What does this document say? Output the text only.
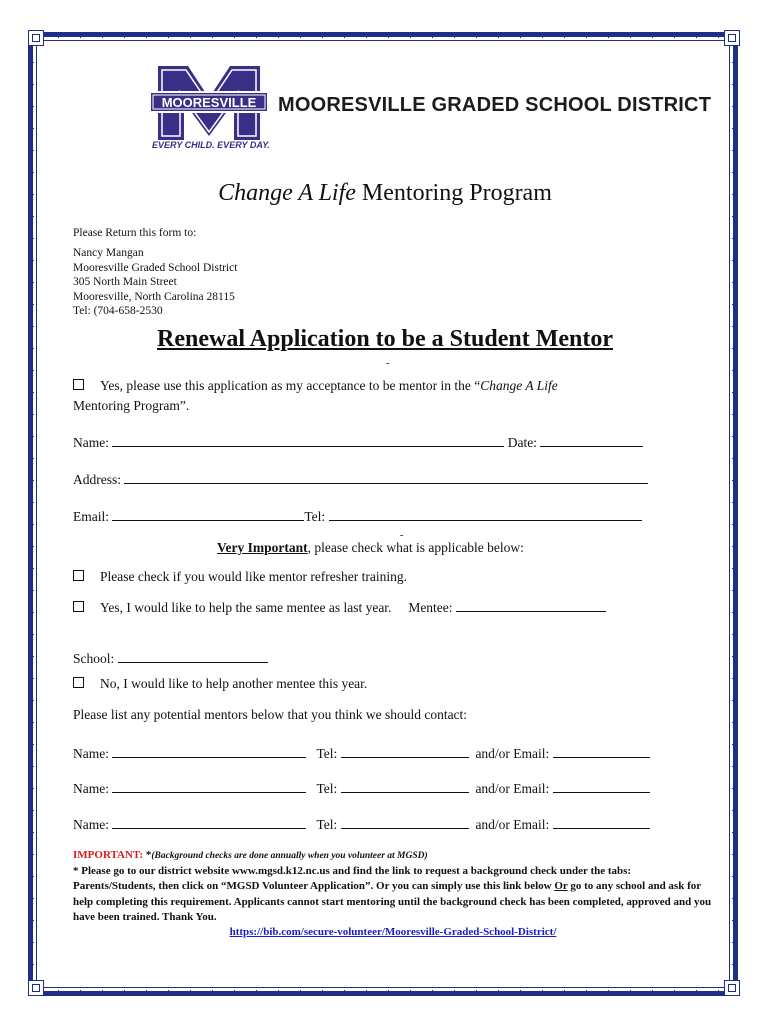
MOORESVILLE MOORESVILLE GRADED SCHOOL DISTRICT
EVERY CHILD. EVERY DAY.
Change A Life Mentoring Program
Please Return this form to:
Nancy Mangan
Mooresville Graded School District
305 North Main Street
Mooresville, North Carolina 28115
Tel: (704-658-2530
Renewal Application to be a Student Mentor
-
Yes, please use this application as my acceptance to be mentor in the “Change A Life
Mentoring Program”.
Name:	Date:
Address:
Email:	Tel:
-
Very Important, please check what is applicable below:
Please check if you would like mentor refresher training.
Yes, I would like to help the same mentee as last year. Mentee:
School:
No, I would like to help another mentee this year.
Please list any potential mentors below that you think we should contact:
Name:	Tel:	and/or Email:
Name:	Tel:	and/or Email:
Name:	Tel:	and/or Email:
IMPORTANT: *(Background checks are done annually when you volunteer at MGSD)
* Please go to our district website www.mgsd.k12.nc.us and find the link to request a background check under the tabs: Parents/Students, then click on “MGSD Volunteer Application”. Or you can simply use this link below Or go to any school and ask for help completing this requirement. Applicants cannot start mentoring until the background check has been completed, approved and you have been trained. Thank You.
https://bib.com/secure-volunteer/Mooresville-Graded-School-District/
